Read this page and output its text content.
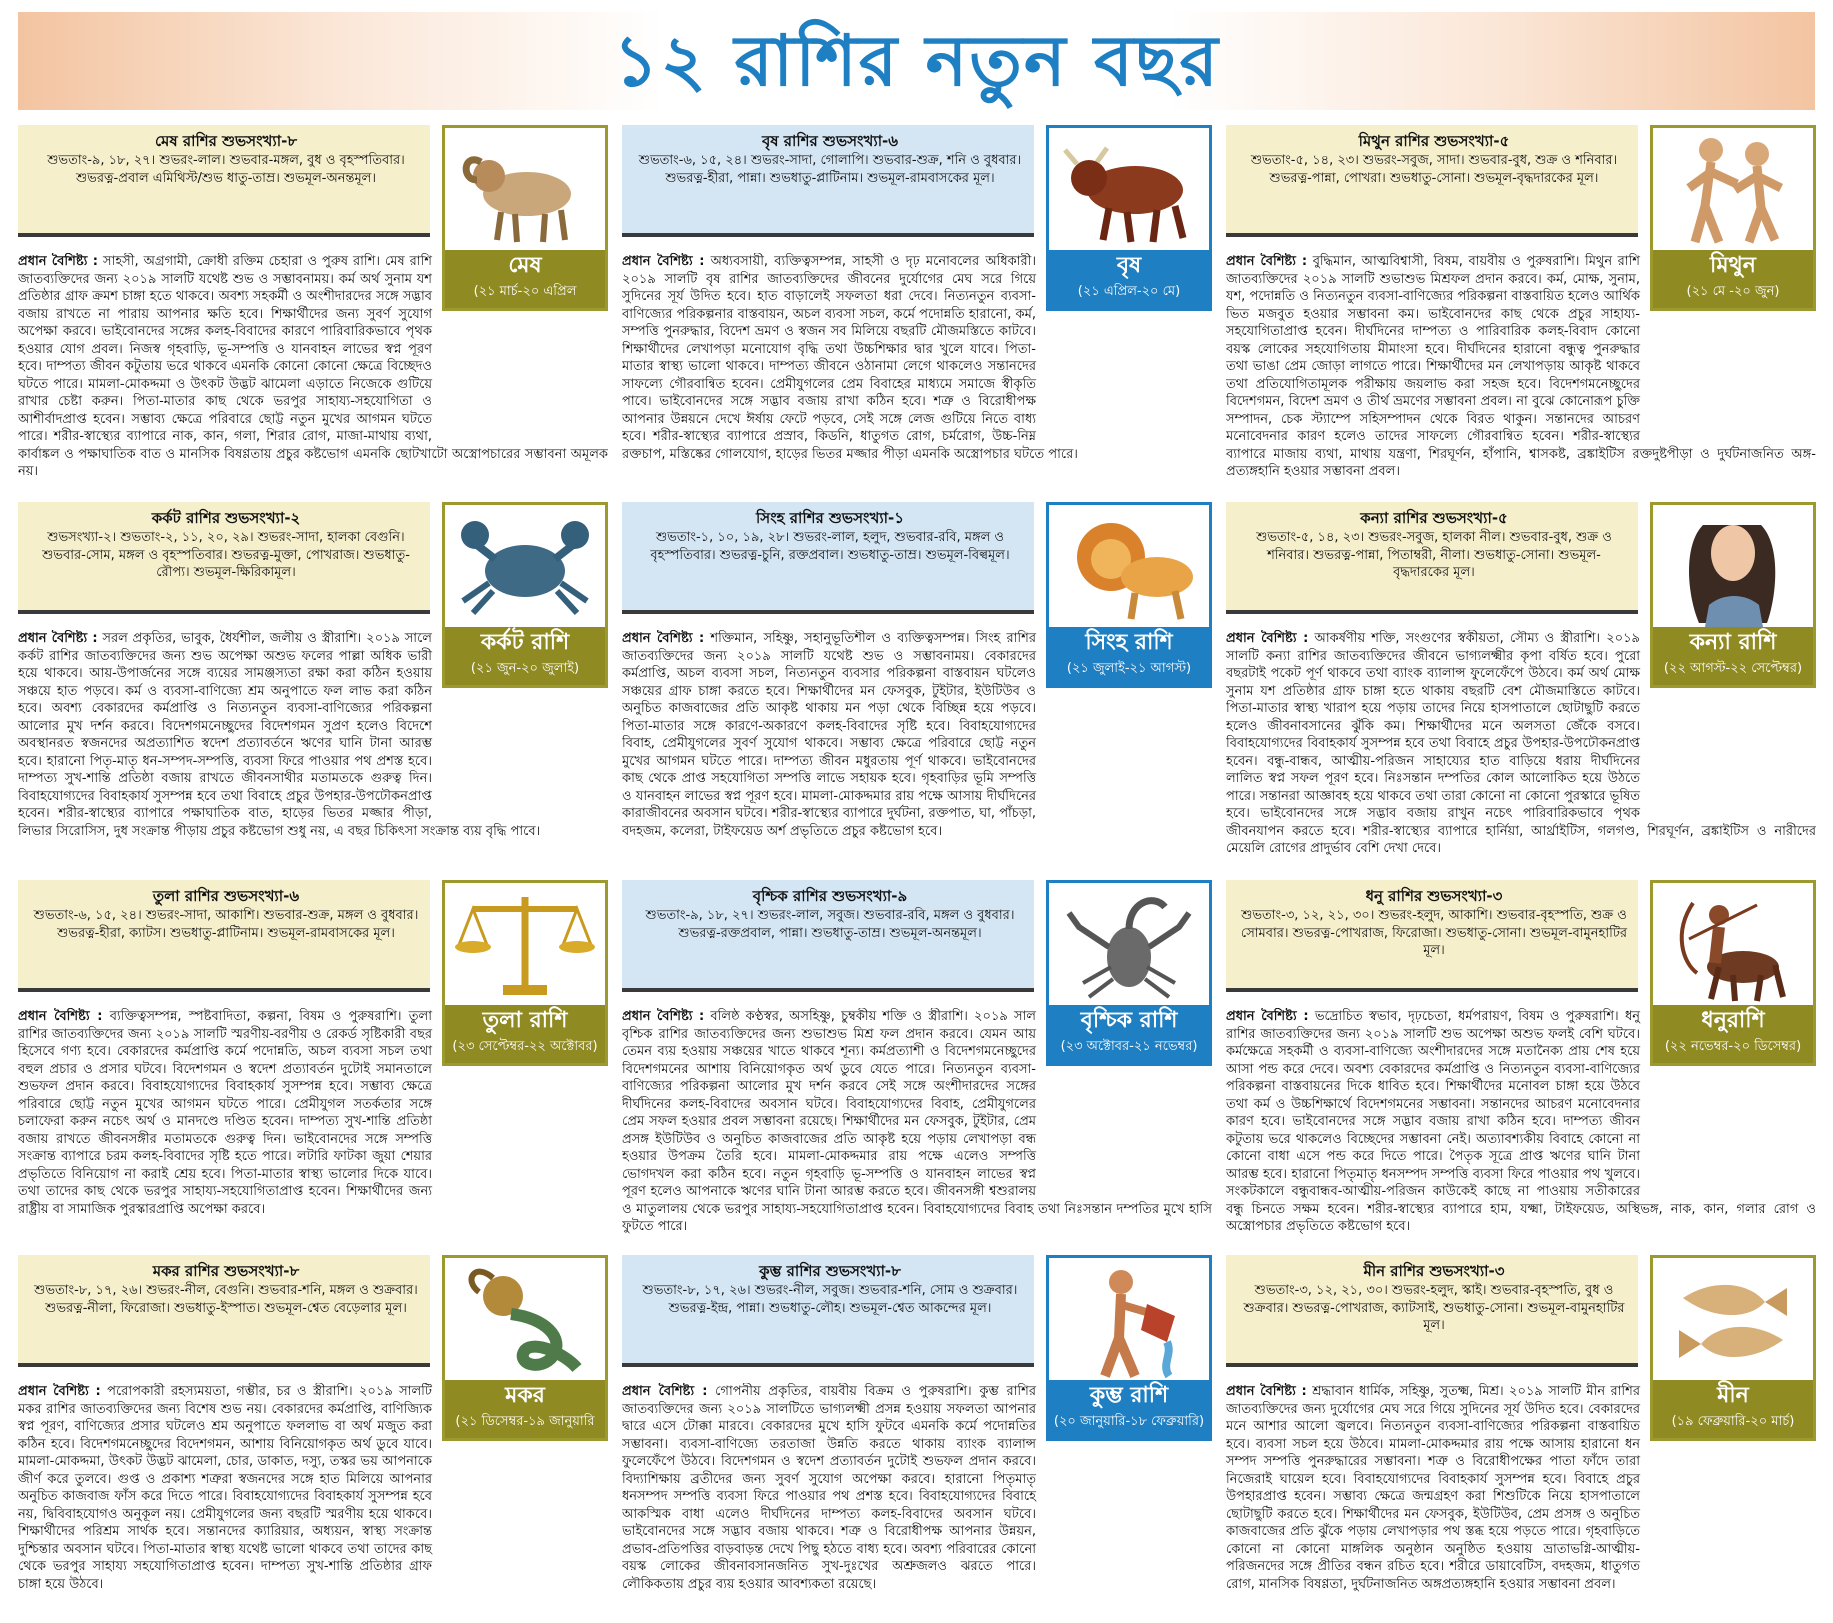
১২ রাশির নতুন বছর
মেষ রাশির শুভসংখ্যা-৮
শুভতাং-৯, ১৮, ২৭। শুভরং-লাল। শুভবার-মঙ্গল, বুধ ও বৃহস্পতিবার। শুভরত্ন-প্রবাল এমিথিস্ট/শুভ ধাতু-তাম্র। শুভমূল-অনন্তমূল।
মেষ
(২১ মার্চ-২০ এপ্রিল
প্রধান বৈশিষ্ট্য : সাহসী, অগ্রগামী, ক্রোধী রক্তিম চেহারা ও পুরুষ রাশি। মেষ রাশি জাতব্যক্তিদের জন্য ২০১৯ সালটি যথেষ্ট শুভ ও সম্ভাবনাময়। কর্ম অর্থ সুনাম যশ প্রতিষ্ঠার গ্রাফ ক্রমশ চাঙ্গা হতে থাকবে। অবশ্য সহকর্মী ও অংশীদারদের সঙ্গে সদ্ভাব বজায় রাখতে না পারায় আপনার ক্ষতি হবে। শিক্ষার্থীদের জন্য সুবর্ণ সুযোগ অপেক্ষা করবে। ভাইবোনদের সঙ্গের কলহ-বিবাদের কারণে পারিবারিকভাবে পৃথক হওয়ার যোগ প্রবল। নিজস্ব গৃহবাড়ি, ভূ-সম্পত্তি ও যানবাহন লাভের স্বপ্ন পূরণ হবে। দাম্পত্য জীবন কটুতায় ভরে থাকবে এমনকি কোনো কোনো ক্ষেত্রে বিচ্ছেদও ঘটতে পারে। মামলা-মোকদ্দমা ও উৎকট উদ্ভট ঝামেলা এড়াতে নিজেকে গুটিয়ে রাখার চেষ্টা করুন। পিতা-মাতার কাছ থেকে ভরপুর সাহায্য-সহযোগিতা ও আশীর্বাদপ্রাপ্ত হবেন। সম্ভাব্য ক্ষেত্রে পরিবারে ছোট্ট নতুন মুখের আগমন ঘটতে পারে। শরীর-স্বাস্থ্যের ব্যাপারে নাক, কান, গলা, শিরার রোগ, মাজা-মাথায় ব্যথা, কার্বাঙ্কল ও পক্ষাঘাতিক বাত ও মানসিক বিষণ্ণতায় প্রচুর কষ্টভোগ এমনকি ছোটখাটো অস্ত্রোপচারের সম্ভাবনা অমূলক নয়।
বৃষ রাশির শুভসংখ্যা-৬
শুভতাং-৬, ১৫, ২৪। শুভরং-সাদা, গোলাপি। শুভবার-শুক্র, শনি ও বুধবার। শুভরত্ন-হীরা, পান্না। শুভধাতু-প্লাটিনাম। শুভমূল-রামবাসকের মূল।
বৃষ
(২১ এপ্রিল-২০ মে)
প্রধান বৈশিষ্ট্য : অধ্যবসায়ী, ব্যক্তিত্বসম্পন্ন, সাহসী ও দৃঢ় মনোবলের অধিকারী। ২০১৯ সালটি বৃষ রাশির জাতব্যক্তিদের জীবনের দুর্যোগের মেঘ সরে গিয়ে সুদিনের সূর্য উদিত হবে। হাত বাড়ালেই সফলতা ধরা দেবে। নিত্যনতুন ব্যবসা-বাণিজ্যের পরিকল্পনার বাস্তবায়ন, অচল ব্যবসা সচল, কর্মে পদোন্নতি হারানো, কর্ম, সম্পত্তি পুনরুদ্ধার, বিদেশ ভ্রমণ ও স্বজন সব মিলিয়ে বছরটি মৌজমস্তিতে কাটবে। শিক্ষার্থীদের লেখাপড়া মনোযোগ বৃদ্ধি তথা উচ্চশিক্ষার দ্বার খুলে যাবে। পিতা-মাতার স্বাস্থ্য ভালো থাকবে। দাম্পত্য জীবনে ওঠানামা লেগে থাকলেও সন্তানদের সাফল্যে গৌরবান্বিত হবেন। প্রেমীযুগলের প্রেম বিবাহের মাধ্যমে সমাজে স্বীকৃতি পাবে। ভাইবোনদের সঙ্গে সদ্ভাব বজায় রাখা কঠিন হবে। শত্রু ও বিরোধীপক্ষ আপনার উন্নয়নে দেখে ঈর্ষায় ফেটে পড়বে, সেই সঙ্গে লেজ গুটিয়ে নিতে বাধ্য হবে। শরীর-স্বাস্থ্যের ব্যাপারে প্রস্রাব, কিডনি, ধাতুগত রোগ, চর্মরোগ, উচ্চ-নিম্ন রক্তচাপ, মস্তিষ্কের গোলযোগ, হাড়ের ভিতর মজ্জার পীড়া এমনকি অস্ত্রোপচার ঘটতে পারে।
মিথুন রাশির শুভসংখ্যা-৫
শুভতাং-৫, ১৪, ২৩। শুভরং-সবুজ, সাদা। শুভবার-বুধ, শুক্র ও শনিবার। শুভরত্ন-পান্না, পোখরা। শুভধাতু-সোনা। শুভমূল-বৃদ্ধদারকের মূল।
মিথুন
(২১ মে -২০ জুন)
প্রধান বৈশিষ্ট্য : বুদ্ধিমান, আত্মবিশ্বাসী, বিষম, বায়বীয় ও পুরুষরাশি। মিথুন রাশি জাতব্যক্তিদের ২০১৯ সালটি শুভাশুভ মিশ্রফল প্রদান করবে। কর্ম, মোক্ষ, সুনাম, যশ, পদোন্নতি ও নিত্যনতুন ব্যবসা-বাণিজ্যের পরিকল্পনা বাস্তবায়িত হলেও আর্থিক ভিত মজবুত হওয়ার সম্ভাবনা কম। ভাইবোনদের কাছ থেকে প্রচুর সাহায্য-সহযোগিতাপ্রাপ্ত হবেন। দীর্ঘদিনের দাম্পত্য ও পারিবারিক কলহ-বিবাদ কোনো বয়স্ক লোকের সহযোগিতায় মীমাংসা হবে। দীর্ঘদিনের হারানো বন্ধুত্ব পুনরুদ্ধার তথা ভাঙা প্রেম জোড়া লাগতে পারে। শিক্ষার্থীদের মন লেখাপড়ায় আকৃষ্ট থাকবে তথা প্রতিযোগিতামূলক পরীক্ষায় জয়লাভ করা সহজ হবে। বিদেশগমনেচ্ছুদের বিদেশগমন, বিদেশ ভ্রমণ ও তীর্থ ভ্রমণের সম্ভাবনা প্রবল। না বুঝে কোনোরূপ চুক্তি সম্পাদন, চেক স্ট্যাম্পে সহিসম্পাদন থেকে বিরত থাকুন। সন্তানদের আচরণ মনোবেদনার কারণ হলেও তাদের সাফল্যে গৌরবান্বিত হবেন। শরীর-স্বাস্থ্যের ব্যাপারে মাজায় ব্যথা, মাথায় যন্ত্রণা, শিরঘূর্ণন, হাঁপানি, শ্বাসকষ্ট, ব্রঙ্কাইটিস রক্তদুষ্টপীড়া ও দুর্ঘটনাজনিত অঙ্গ-প্রত্যঙ্গহানি হওয়ার সম্ভাবনা প্রবল।
কর্কট রাশির শুভসংখ্যা-২
শুভসংখ্যা-২। শুভতাং-২, ১১, ২০, ২৯। শুভরং-সাদা, হালকা বেগুনি। শুভবার-সোম, মঙ্গল ও বৃহস্পতিবার। শুভরত্ন-মুক্তা, পোখরাজ। শুভধাতু-রৌপ্য। শুভমূল-ক্ষিরিকামূল।
কর্কট রাশি
(২১ জুন-২০ জুলাই)
প্রধান বৈশিষ্ট্য : সরল প্রকৃতির, ভাবুক, ধৈর্যশীল, জলীয় ও স্ত্রীরাশি। ২০১৯ সালে কর্কট রাশির জাতব্যক্তিদের জন্য শুভ অপেক্ষা অশুভ ফলের পাল্লা অধিক ভারী হয়ে থাকবে। আয়-উপার্জনের সঙ্গে ব্যয়ের সামঞ্জস্যতা রক্ষা করা কঠিন হওয়ায় সঞ্চয়ে হাত পড়বে। কর্ম ও ব্যবসা-বাণিজ্যে শ্রম অনুপাতে ফল লাভ করা কঠিন হবে। অবশ্য বেকারদের কর্মপ্রাপ্তি ও নিত্যনতুন ব্যবসা-বাণিজ্যের পরিকল্পনা আলোর মুখ দর্শন করবে। বিদেশগমনেচ্ছুদের বিদেশগমন সুপ্রণ হলেও বিদেশে অবস্থানরত স্বজনদের অপ্রত্যাশিত স্বদেশ প্রত্যাবর্তনে ঋণের ঘানি টানা আরম্ভ হবে। হারানো পিতৃ-মাতৃ ধন-সম্পদ-সম্পত্তি, ব্যবসা ফিরে পাওয়ার পথ প্রশস্ত হবে। দাম্পত্য সুখ-শান্তি প্রতিষ্ঠা বজায় রাখতে জীবনসাথীর মতামতকে গুরুত্ব দিন। বিবাহযোগ্যদের বিবাহকার্য সুসম্পন্ন হবে তথা বিবাহে প্রচুর উপহার-উপঢৌকনপ্রাপ্ত হবেন। শরীর-স্বাস্থ্যের ব্যাপারে পক্ষাঘাতিক বাত, হাড়ের ভিতর মজ্জার পীড়া, লিভার সিরোসিস, দুধ সংক্রান্ত পীড়ায় প্রচুর কষ্টভোগ শুধু নয়, এ বছর চিকিৎসা সংক্রান্ত ব্যয় বৃদ্ধি পাবে।
সিংহ রাশির শুভসংখ্যা-১
শুভতাং-১, ১০, ১৯, ২৮। শুভরং-লাল, হলুদ, শুভবার-রবি, মঙ্গল ও বৃহস্পতিবার। শুভরত্ন-চুনি, রক্তপ্রবাল। শুভধাতু-তাম্র। শুভমূল-বিল্বমূল।
সিংহ রাশি
(২১ জুলাই-২১ আগস্ট)
প্রধান বৈশিষ্ট্য : শক্তিমান, সহিষ্ণু, সহানুভূতিশীল ও ব্যক্তিত্বসম্পন্ন। সিংহ রাশির জাতব্যক্তিদের জন্য ২০১৯ সালটি যথেষ্ট শুভ ও সম্ভাবনাময়। বেকারদের কর্মপ্রাপ্তি, অচল ব্যবসা সচল, নিত্যনতুন ব্যবসার পরিকল্পনা বাস্তবায়ন ঘটলেও সঞ্চয়ের গ্রাফ চাঙ্গা করতে হবে। শিক্ষার্থীদের মন ফেসবুক, টুইটার, ইউটিউব ও অনুচিত কাজবাজের প্রতি আকৃষ্ট থাকায় মন পড়া থেকে বিচ্ছিন্ন হয়ে পড়বে। পিতা-মাতার সঙ্গে কারণে-অকারণে কলহ-বিবাদের সৃষ্টি হবে। বিবাহযোগ্যদের বিবাহ, প্রেমীযুগলের সুবর্ণ সুযোগ থাকবে। সম্ভাব্য ক্ষেত্রে পরিবারে ছোট্ট নতুন মুখের আগমন ঘটতে পারে। দাম্পত্য জীবন মধুরতায় পূর্ণ থাকবে। ভাইবোনদের কাছ থেকে প্রাপ্ত সহযোগিতা সম্পত্তি লাভে সহায়ক হবে। গৃহবাড়ির ভূমি সম্পত্তি ও যানবাহন লাভের স্বপ্ন পূরণ হবে। মামলা-মোকদ্দমার রায় পক্ষে আসায় দীর্ঘদিনের কারাজীবনের অবসান ঘটবে। শরীর-স্বাস্থ্যের ব্যাপারে দুর্ঘটনা, রক্তপাত, ঘা, পাঁচড়া, বদহজম, কলেরা, টাইফয়েড অর্শ প্রভৃতিতে প্রচুর কষ্টভোগ হবে।
কন্যা রাশির শুভসংখ্যা-৫
শুভতাং-৫, ১৪, ২৩। শুভরং-সবুজ, হালকা নীল। শুভবার-বুধ, শুক্র ও শনিবার। শুভরত্ন-পান্না, পিতাম্বরী, নীলা। শুভধাতু-সোনা। শুভমূল-বৃদ্ধদারকের মূল।
কন্যা রাশি
(২২ আগস্ট-২২ সেপ্টেম্বর)
প্রধান বৈশিষ্ট্য : আকর্ষণীয় শক্তি, সংগুণের স্বকীয়তা, সৌম্য ও স্ত্রীরাশি। ২০১৯ সালটি কন্যা রাশির জাতব্যক্তিদের জীবনে ভাগ্যলক্ষ্মীর কৃপা বর্ষিত হবে। পুরো বছরটাই পকেট পূর্ণ থাকবে তথা ব্যাংক ব্যালান্স ফুলেফেঁপে উঠবে। কর্ম অর্থ মোক্ষ সুনাম যশ প্রতিষ্ঠার গ্রাফ চাঙ্গা হতে থাকায় বছরটি বেশ মৌজমাস্তিতে কাটবে। পিতা-মাতার স্বাস্থ্য খারাপ হয়ে পড়ায় তাদের নিয়ে হাসপাতালে ছোটাছুটি করতে হলেও জীবনাবসানের ঝুঁকি কম। শিক্ষার্থীদের মনে অলসতা জেঁকে বসবে। বিবাহযোগ্যদের বিবাহকার্য সুসম্পন্ন হবে তথা বিবাহে প্রচুর উপহার-উপঢৌকনপ্রাপ্ত হবেন। বন্ধু-বান্ধব, আত্মীয়-পরিজন সাহায্যের হাত বাড়িয়ে ধরায় দীর্ঘদিনের লালিত স্বপ্ন সফল পূরণ হবে। নিঃসন্তান দম্পতির কোল আলোকিত হয়ে উঠতে পারে। সন্তানরা আজ্ঞাবহ হয়ে থাকবে তথা তারা কোনো না কোনো পুরস্কারে ভূষিত হবে। ভাইবোনদের সঙ্গে সদ্ভাব বজায় রাখুন নচেৎ পারিবারিকভাবে পৃথক জীবনযাপন করতে হবে। শরীর-স্বাস্থ্যের ব্যাপারে হার্নিয়া, আর্থ্রাইটিস, গলগণ্ড, শিরঘূর্ণন, ব্রঙ্কাইটিস ও নারীদের মেয়েলি রোগের প্রাদুর্ভাব বেশি দেখা দেবে।
তুলা রাশির শুভসংখ্যা-৬
শুভতাং-৬, ১৫, ২৪। শুভরং-সাদা, আকাশি। শুভবার-শুক্র, মঙ্গল ও বুধবার। শুভরত্ন-হীরা, ক্যাটস। শুভধাতু-প্লাটিনাম। শুভমূল-রামবাসকের মূল।
তুলা রাশি
(২৩ সেপ্টেম্বর-২২ অক্টোবর)
প্রধান বৈশিষ্ট্য : ব্যক্তিত্বসম্পন্ন, স্পষ্টবাদিতা, কল্পনা, বিষম ও পুরুষরাশি। তুলা রাশির জাতব্যক্তিদের জন্য ২০১৯ সালটি স্মরণীয়-বরণীয় ও রেকর্ড সৃষ্টিকারী বছর হিসেবে গণ্য হবে। বেকারদের কর্মপ্রাপ্তি কর্মে পদোন্নতি, অচল ব্যবসা সচল তথা বহুল প্রচার ও প্রসার ঘটবে। বিদেশগমন ও স্বদেশ প্রত্যাবর্তন দুটোই সমানতালে শুভফল প্রদান করবে। বিবাহযোগ্যদের বিবাহকার্য সুসম্পন্ন হবে। সম্ভাব্য ক্ষেত্রে পরিবারে ছোট্ট নতুন মুখের আগমন ঘটতে পারে। প্রেমীযুগল সতর্কতার সঙ্গে চলাফেরা করুন নচেৎ অর্থ ও মানদণ্ডে দণ্ডিত হবেন। দাম্পত্য সুখ-শান্তি প্রতিষ্ঠা বজায় রাখতে জীবনসঙ্গীর মতামতকে গুরুত্ব দিন। ভাইবোনদের সঙ্গে সম্পত্তি সংক্রান্ত ব্যাপারে চরম কলহ-বিবাদের সৃষ্টি হতে পারে। লটারি ফাটকা জুয়া শেয়ার প্রভৃতিতে বিনিয়োগ না করাই শ্রেয় হবে। পিতা-মাতার স্বাস্থ্য ভালোর দিকে যাবে। তথা তাদের কাছ থেকে ভরপুর সাহায্য-সহযোগিতাপ্রাপ্ত হবেন। শিক্ষার্থীদের জন্য রাষ্ট্রীয় বা সামাজিক পুরস্কারপ্রাপ্তি অপেক্ষা করবে।
বৃশ্চিক রাশির শুভসংখ্যা-৯
শুভতাং-৯, ১৮, ২৭। শুভরং-লাল, সবুজ। শুভবার-রবি, মঙ্গল ও বুধবার। শুভরত্ন-রক্তপ্রবাল, পান্না। শুভধাতু-তাম্র। শুভমূল-অনন্তমূল।
বৃশ্চিক রাশি
(২৩ অক্টোবর-২১ নভেম্বর)
প্রধান বৈশিষ্ট্য : বলিষ্ঠ কণ্ঠস্বর, অসহিষ্ণু, চুম্বকীয় শক্তি ও স্ত্রীরাশি। ২০১৯ সাল বৃশ্চিক রাশির জাতব্যক্তিদের জন্য শুভাশুভ মিশ্র ফল প্রদান করবে। যেমন আয় তেমন ব্যয় হওয়ায় সঞ্চয়ের খাতে থাকবে শূন্য। কর্মপ্রত্যাশী ও বিদেশগমনেচ্ছুদের বিদেশগমনের আশায় বিনিয়োগকৃত অর্থ ডুবে যেতে পারে। নিত্যনতুন ব্যবসা-বাণিজ্যের পরিকল্পনা আলোর মুখ দর্শন করবে সেই সঙ্গে অংশীদারদের সঙ্গের দীর্ঘদিনের কলহ-বিবাদের অবসান ঘটবে। বিবাহযোগ্যদের বিবাহ, প্রেমীযুগলের প্রেম সফল হওয়ার প্রবল সম্ভাবনা রয়েছে। শিক্ষার্থীদের মন ফেসবুক, টুইটার, প্রেম প্রসঙ্গ ইউটিউব ও অনুচিত কাজবাজের প্রতি আকৃষ্ট হয়ে পড়ায় লেখাপড়া বন্ধ হওয়ার উপক্রম তৈরি হবে। মামলা-মোকদ্দমার রায় পক্ষে এলেও সম্পত্তি ভোগদখল করা কঠিন হবে। নতুন গৃহবাড়ি ভূ-সম্পত্তি ও যানবাহন লাভের স্বপ্ন পূরণ হলেও আপনাকে ঋণের ঘানি টানা আরম্ভ করতে হবে। জীবনসঙ্গী শ্বশুরালয় ও মাতুলালয় থেকে ভরপুর সাহায্য-সহযোগিতাপ্রাপ্ত হবেন। বিবাহযোগ্যদের বিবাহ তথা নিঃসন্তান দম্পতির মুখে হাসি ফুটতে পারে।
ধনু রাশির শুভসংখ্যা-৩
শুভতাং-৩, ১২, ২১, ৩০। শুভরং-হলুদ, আকাশি। শুভবার-বৃহস্পতি, শুক্র ও সোমবার। শুভরত্ন-পোখরাজ, ফিরোজা। শুভধাতু-সোনা। শুভমূল-বামুনহাটির মূল।
ধনুরাশি
(২২ নভেম্বর-২০ ডিসেম্বর)
প্রধান বৈশিষ্ট্য : ভদ্রোচিত স্বভাব, দৃঢ়চেতা, ধর্মপরায়ণ, বিষম ও পুরুষরাশি। ধনু রাশির জাতব্যক্তিদের জন্য ২০১৯ সালটি শুভ অপেক্ষা অশুভ ফলই বেশি ঘটবে। কর্মক্ষেত্রে সহকর্মী ও ব্যবসা-বাণিজ্যে অংশীদারদের সঙ্গে মতানৈক্য প্রায় শেষ হয়ে আসা পন্ড করে দেবে। অবশ্য বেকারদের কর্মপ্রাপ্তি ও নিত্যনতুন ব্যবসা-বাণিজ্যের পরিকল্পনা বাস্তবায়নের দিকে ধাবিত হবে। শিক্ষার্থীদের মনোবল চাঙ্গা হয়ে উঠবে তথা কর্ম ও উচ্চশিক্ষার্থে বিদেশগমনের সম্ভাবনা। সন্তানদের আচরণ মনোবেদনার কারণ হবে। ভাইবোনদের সঙ্গে সদ্ভাব বজায় রাখা কঠিন হবে। দাম্পত্য জীবন কটুতায় ভরে থাকলেও বিচ্ছেদের সম্ভাবনা নেই। অত্যাবশ্যকীয় বিবাহে কোনো না কোনো বাধা এসে পন্ড করে দিতে পারে। পৈতৃক সূত্রে প্রাপ্ত ঋণের ঘানি টানা আরম্ভ হবে। হারানো পিতৃমাতৃ ধনসম্পদ সম্পত্তি ব্যবসা ফিরে পাওয়ার পথ খুলবে। সংকটকালে বন্ধুবান্ধব-আত্মীয়-পরিজন কাউকেই কাছে না পাওয়ায় সতীকারের বন্ধু চিনতে সক্ষম হবেন। শরীর-স্বাস্থ্যের ব্যাপারে হাম, যক্ষ্মা, টাইফয়েড, অস্থিভঙ্গ, নাক, কান, গলার রোগ ও অস্ত্রোপচার প্রভৃতিতে কষ্টভোগ হবে।
মকর রাশির শুভসংখ্যা-৮
শুভতাং-৮, ১৭, ২৬। শুভরং-নীল, বেগুনি। শুভবার-শনি, মঙ্গল ও শুক্রবার। শুভরত্ন-নীলা, ফিরোজা। শুভধাতু-ইস্পাত। শুভমূল-শ্বেত বেড়েলার মূল।
মকর
(২১ ডিসেম্বর-১৯ জানুয়ারি
প্রধান বৈশিষ্ট্য : পরোপকারী রহস্যময়তা, গম্ভীর, চর ও স্ত্রীরাশি। ২০১৯ সালটি মকর রাশির জাতব্যক্তিদের জন্য বিশেষ শুভ নয়। বেকারদের কর্মপ্রাপ্তি, বাণিজ্যিক স্বপ্ন পূরণ, বাণিজ্যের প্রসার ঘটলেও শ্রম অনুপাতে ফললাভ বা অর্থ মজুত করা কঠিন হবে। বিদেশগমনেচ্ছুদের বিদেশগমন, আশায় বিনিয়োগকৃত অর্থ ডুবে যাবে। মামলা-মোকদ্দমা, উৎকট উদ্ভট ঝামেলা, চোর, ডাকাত, দস্যু, তস্কর ভয় আপনাকে জীর্ণ করে তুলবে। গুপ্ত ও প্রকাশ্য শত্রুরা স্বজনদের সঙ্গে হাত মিলিয়ে আপনার অনুচিত কাজবাজ ফাঁস করে দিতে পারে। বিবাহযোগ্যদের বিবাহকার্য সুসম্পন্ন হবে নয়, দ্বিবিবাহযোগও অনুকূল নয়। প্রেমীযুগলের জন্য বছরটি স্মরণীয় হয়ে থাকবে। শিক্ষার্থীদের পরিশ্রম সার্থক হবে। সন্তানদের ক্যারিয়ার, অধ্যয়ন, স্বাস্থ্য সংক্রান্ত দুশ্চিন্তার অবসান ঘটবে। পিতা-মাতার স্বাস্থ্য যথেষ্ট ভালো থাকবে তথা তাদের কাছ থেকে ভরপুর সাহায্য সহযোগিতাপ্রাপ্ত হবেন। দাম্পত্য সুখ-শান্তি প্রতিষ্ঠার গ্রাফ চাঙ্গা হয়ে উঠবে।
কুম্ভ রাশির শুভসংখ্যা-৮
শুভতাং-৮, ১৭, ২৬। শুভরং-নীল, সবুজ। শুভবার-শনি, সোম ও শুক্রবার। শুভরত্ন-ইন্দ্র, পান্না। শুভধাতু-লৌহ। শুভমূল-শ্বেত আকন্দের মূল।
কুম্ভ রাশি
(২০ জানুয়ারি-১৮ ফেব্রুয়ারি)
প্রধান বৈশিষ্ট্য : গোপনীয় প্রকৃতির, বায়বীয় বিক্রম ও পুরুষরাশি। কুম্ভ রাশির জাতব্যক্তিদের জন্য ২০১৯ সালটিতে ভাগ্যলক্ষ্মী প্রসন্ন হওয়ায় সফলতা আপনার দ্বারে এসে টোক্কা মারবে। বেকারদের মুখে হাসি ফুটবে এমনকি কর্মে পদোন্নতির সম্ভাবনা। ব্যবসা-বাণিজ্যে তরতাজা উন্নতি করতে থাকায় ব্যাংক ব্যালান্স ফুলেফেঁপে উঠবে। বিদেশগমন ও স্বদেশ প্রত্যাবর্তন দুটোই শুভফল প্রদান করবে। বিদ্যাশিক্ষায় ব্রতীদের জন্য সুবর্ণ সুযোগ অপেক্ষা করবে। হারানো পিতৃমাতৃ ধনসম্পদ সম্পত্তি ব্যবসা ফিরে পাওয়ার পথ প্রশস্ত হবে। বিবাহযোগ্যদের বিবাহে আকস্মিক বাধা এলেও দীর্ঘদিনের দাম্পত্য কলহ-বিবাদের অবসান ঘটবে। ভাইবোনদের সঙ্গে সদ্ভাব বজায় থাকবে। শত্রু ও বিরোধীপক্ষ আপনার উন্নয়ন, প্রভাব-প্রতিপত্তির বাড়বাড়ন্ত দেখে পিছু হঠতে বাধ্য হবে। অবশ্য পরিবারের কোনো বয়স্ক লোকের জীবনাবসানজনিত সুখ-দুঃখের অশ্রুজলও ঝরতে পারে। লৌকিকতায় প্রচুর ব্যয় হওয়ার আবশ্যকতা রয়েছে।
মীন রাশির শুভসংখ্যা-৩
শুভতাং-৩, ১২, ২১, ৩০। শুভরং-হলুদ, স্কাই। শুভবার-বৃহস্পতি, বুধ ও শুক্রবার। শুভরত্ন-পোখরাজ, ক্যাটসাই, শুভধাতু-সোনা। শুভমূল-বামুনহাটির মূল।
মীন
(১৯ ফেব্রুয়ারি-২০ মার্চ)
প্রধান বৈশিষ্ট্য : শ্রদ্ধাবান ধার্মিক, সহিষ্ণু, সুতক্ষ্ম, মিশ্র। ২০১৯ সালটি মীন রাশির জাতব্যক্তিদের জন্য দুর্যোগের মেঘ সরে গিয়ে সুদিনের সূর্য উদিত হবে। বেকারদের মনে আশার আলো জ্বলবে। নিত্যনতুন ব্যবসা-বাণিজ্যের পরিকল্পনা বাস্তবায়িত হবে। ব্যবসা সচল হয়ে উঠবে। মামলা-মোকদ্দমার রায় পক্ষে আসায় হারানো ধন সম্পদ সম্পত্তি পুনরুদ্ধারের সম্ভাবনা। শত্রু ও বিরোধীপক্ষের পাতা ফাঁদে তারা নিজেরাই ঘায়েল হবে। বিবাহযোগ্যদের বিবাহকার্য সুসম্পন্ন হবে। বিবাহে প্রচুর উপহারপ্রাপ্ত হবেন। সম্ভাব্য ক্ষেত্রে জন্মগ্রহণ করা শিশুটিকে নিয়ে হাসপাতালে ছোটাছুটি করতে হবে। শিক্ষার্থীদের মন ফেসবুক, ইউটিউব, প্রেম প্রসঙ্গ ও অনুচিত কাজবাজের প্রতি ঝুঁকে পড়ায় লেখাপড়ার পথ স্তব্ধ হয়ে পড়তে পারে। গৃহবাড়িতে কোনো না কোনো মাঙ্গলিক অনুষ্ঠান অনুষ্ঠিত হওয়ায় ভ্রাতাভগ্নি-আত্মীয়-পরিজনদের সঙ্গে প্রীতির বন্ধন রচিত হবে। শরীরে ডায়াবেটিস, বদহজম, ধাতুগত রোগ, মানসিক বিষণ্ণতা, দুর্ঘটনাজনিত অঙ্গপ্রত্যঙ্গহানি হওয়ার সম্ভাবনা প্রবল।
